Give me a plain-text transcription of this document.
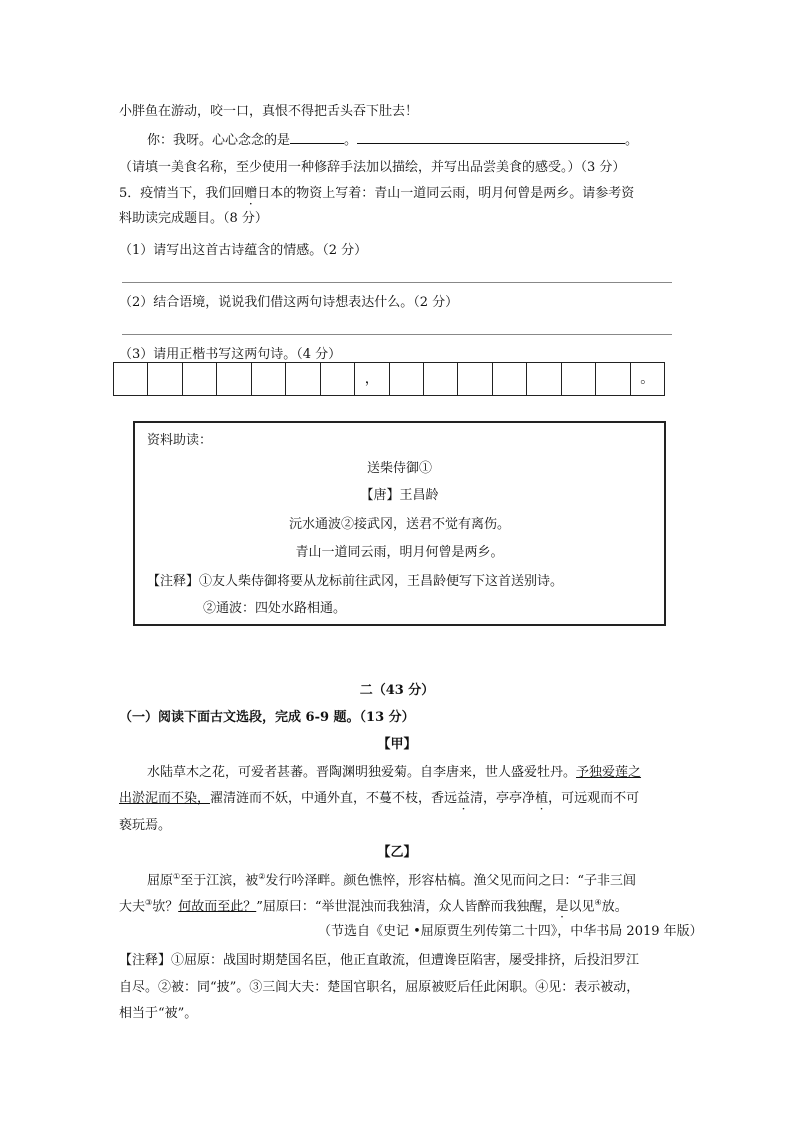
小胖鱼在游动，咬一口，真恨不得把舌头吞下肚去！
你：我呀。心心念念的是	。	。
（请填一美食名称，至少使用一种修辞手法加以描绘，并写出品尝美食的感受。）（3 分）
5．疫情当下，我们回赠日本的物资上写着：青山一道同云雨，明月何曾是两乡。请参考资
料助读完成题目。（8 分）
（1）请写出这首古诗蕴含的情感。（2 分）
（2）结合语境，说说我们借这两句诗想表达什么。（2 分）
（3）请用正楷书写这两句诗。（4 分）
，	。
资料助读：
送柴侍御①
【唐】王昌龄
沅水通波②接武冈，送君不觉有离伤。
青山一道同云雨，明月何曾是两乡。
【注释】①友人柴侍御将要从龙标前往武冈，王昌龄便写下这首送别诗。
②通波：四处水路相通。
二（43 分）
（一）阅读下面古文选段，完成 6-9 题。（13 分）
【甲】
水陆草木之花，可爱者甚蕃。晋陶渊明独爱菊。自李唐来，世人盛爱牡丹。予独爱莲之
出淤泥而不染，濯清涟而不妖，中通外直，不蔓不枝，香远益清，亭亭净植，可远观而不可
亵玩焉。
【乙】
屈原①至于江滨，被②发行吟泽畔。颜色憔悴，形容枯槁。渔父见而问之曰：“子非三闾
大夫③欤？何故而至此？”屈原曰：“举世混浊而我独清，众人皆醉而我独醒，是以见④放。
（节选自《史记 •屈原贾生列传第二十四》，中华书局 2019 年版）
【注释】①屈原：战国时期楚国名臣，他正直敢流，但遭谗臣陷害，屡受排挤，后投汨罗江
自尽。②被：同“披”。③三闾大夫：楚国官职名，屈原被贬后任此闲职。④见：表示被动，
相当于“被”。
